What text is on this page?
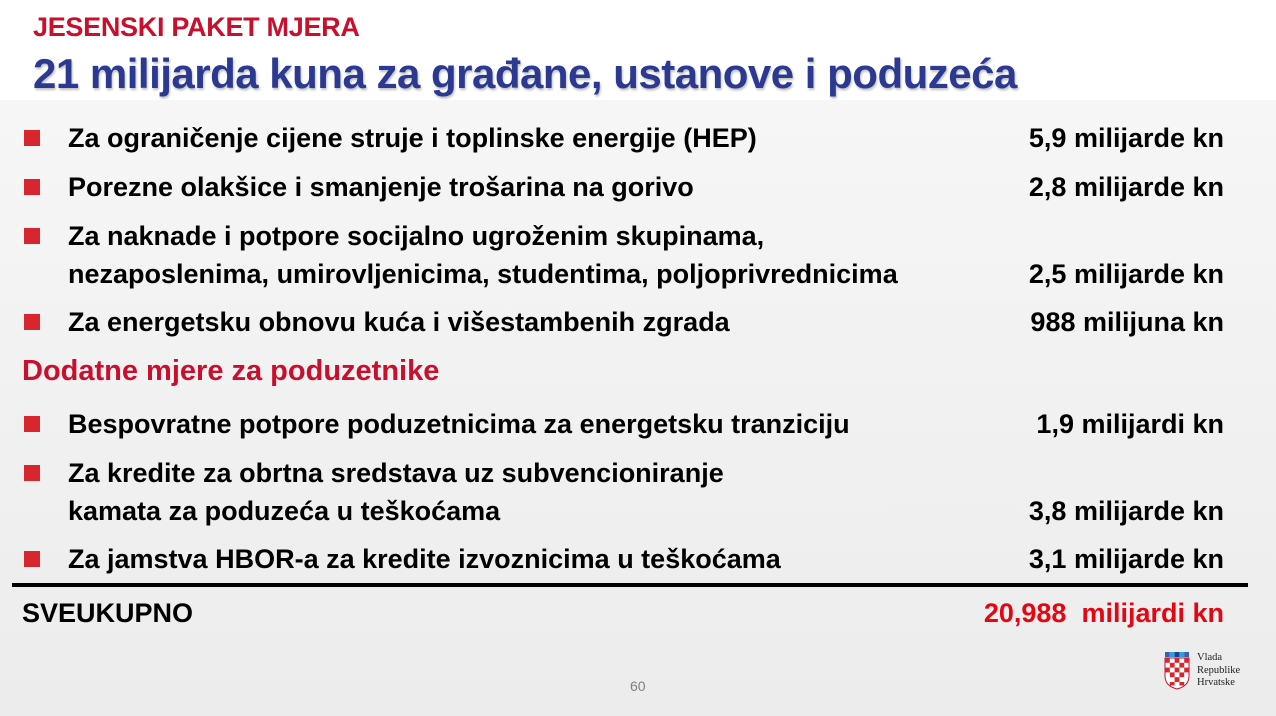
JESENSKI PAKET MJERA
21 milijarda kuna za građane, ustanove i poduzeća
Za ograničenje cijene struje i toplinske energije (HEP)	5,9 milijarde kn
Porezne olakšice i smanjenje trošarina na gorivo	2,8 milijarde kn
Za naknade i potpore socijalno ugroženim skupinama,
nezaposlenima, umirovljenicima, studentima, poljoprivrednicima	2,5 milijarde kn
Za energetsku obnovu kuća i višestambenih zgrada	988 milijuna kn
Dodatne mjere za poduzetnike
Bespovratne potpore poduzetnicima za energetsku tranziciju	1,9 milijardi kn
Za kredite za obrtna sredstava uz subvencioniranje
kamata za poduzeća u teškoćama	3,8 milijarde kn
Za jamstva HBOR-a za kredite izvoznicima u teškoćama	3,1 milijarde kn
SVEUKUPNO	20,988  milijardi kn
60
Vlada
Republike
Hrvatske
